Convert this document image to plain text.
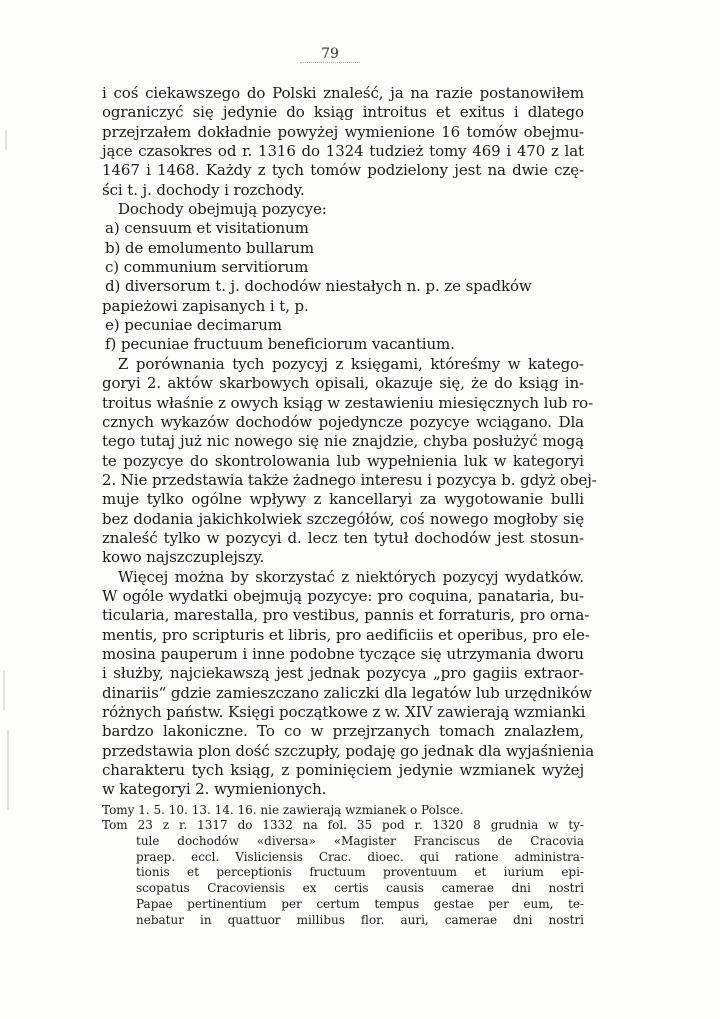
79
i coś ciekawszego do Polski znaleść, ja na razie postanowiłem
ograniczyć się jedynie do ksiąg introitus et exitus i dlatego
przejrzałem dokładnie powyżej wymienione 16 tomów obejmu-
jące czasokres od r. 1316 do 1324 tudzież tomy 469 i 470 z lat
1467 i 1468. Każdy z tych tomów podzielony jest na dwie czę-
ści t. j. dochody i rozchody.
Dochody obejmują pozycye:
a) censuum et visitationum
b) de emolumento bullarum
c) communium servitiorum
d) diversorum t. j. dochodów niestałych n. p. ze spadków
papieżowi zapisanych i t, p.
e) pecuniae decimarum
f) pecuniae fructuum beneficiorum vacantium.
Z porównania tych pozycyj z księgami, któreśmy w katego-
goryi 2. aktów skarbowych opisali, okazuje się, że do ksiąg in-
troitus właśnie z owych ksiąg w zestawieniu miesięcznych lub ro-
cznych wykazów dochodów pojedyncze pozycye wciągano. Dla
tego tutaj już nic nowego się nie znajdzie, chyba posłużyć mogą
te pozycye do skontrolowania lub wypełnienia luk w kategoryi
2. Nie przedstawia także żadnego interesu i pozycya b. gdyż obej-
muje tylko ogólne wpływy z kancellaryi za wygotowanie bulli
bez dodania jakichkolwiek szczegółów, coś nowego mogłoby się
znaleść tylko w pozycyi d. lecz ten tytuł dochodów jest stosun-
kowo najszczuplejszy.
Więcej można by skorzystać z niektórych pozycyj wydatków.
W ogóle wydatki obejmują pozycye: pro coquina, panataria, bu-
ticularia, marestalla, pro vestibus, pannis et forraturis, pro orna-
mentis, pro scripturis et libris, pro aedificiis et operibus, pro ele-
mosina pauperum i inne podobne tyczące się utrzymania dworu
i służby, najciekawszą jest jednak pozycya „pro gagiis extraor-
dinariis“ gdzie zamieszczano zaliczki dla legatów lub urzędników
różnych państw. Księgi początkowe z w. XIV zawierają wzmianki
bardzo lakoniczne. To co w przejrzanych tomach znalazłem,
przedstawia plon dość szczupły, podaję go jednak dla wyjaśnienia
charakteru tych ksiąg, z pominięciem jedynie wzmianek wyżej
w kategoryi 2. wymienionych.
Tomy 1. 5. 10. 13. 14. 16. nie zawierają wzmianek o Polsce.
Tom 23 z r. 1317 do 1332 na fol. 35 pod r. 1320 8 grudnia w ty-
tule dochodów «diversa» «Magister Franciscus de Cracovia
praep. eccl. Visliciensis Crac. dioec. qui ratione administra-
tionis et perceptionis fructuum proventuum et iurium epi-
scopatus Cracoviensis ex certis causis camerae dni nostri
Papae pertinentium per certum tempus gestae per eum, te-
nebatur in quattuor millibus flor. auri, camerae dni nostri
